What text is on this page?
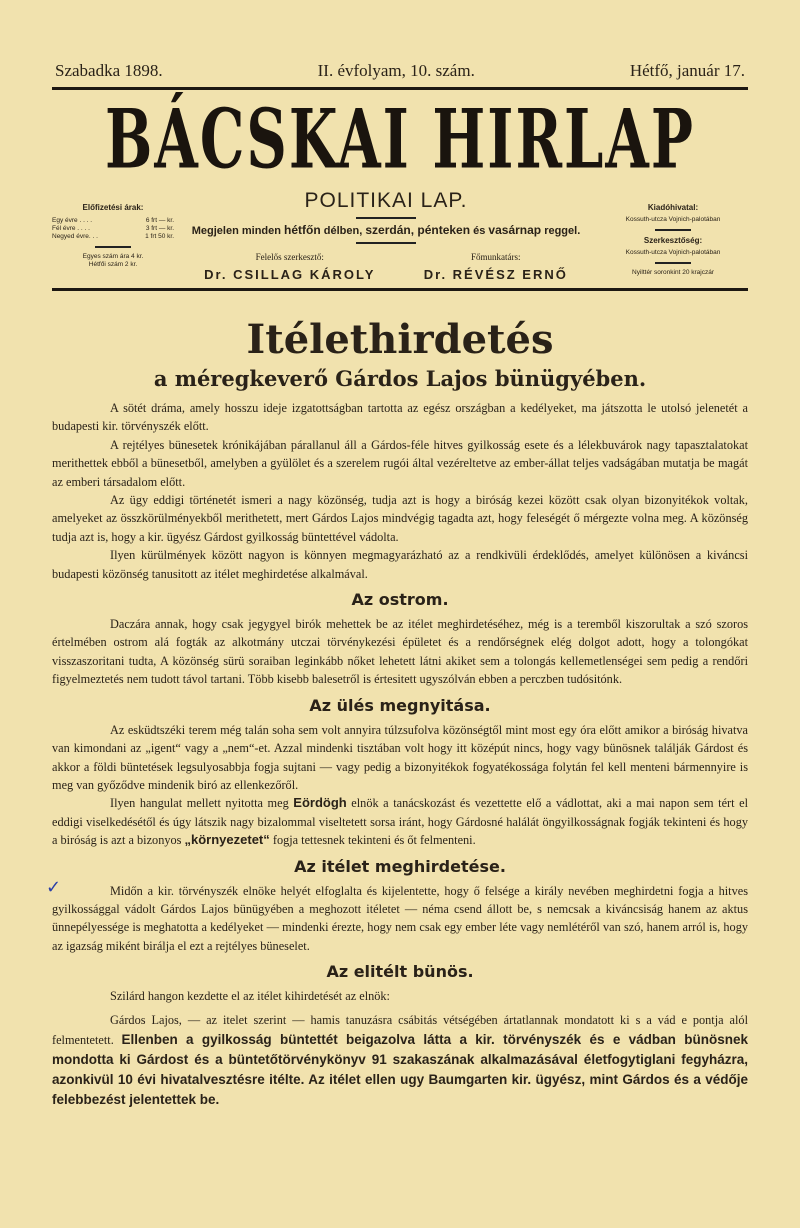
Szabadka 1898.	II. évfolyam, 10. szám.	Hétfő, január 17.
BÁCSKAI HIRLAP
Előfizetési árak:
Egy évre . . . .	6 frt — kr.
Fél évre . . . .	3 frt — kr.
Negyed évre. . .	1 frt 50 kr.
Egyes szám ára 4 kr.
Hétfői szám 2 kr.
POLITIKAI LAP.
Megjelen minden hétfőn délben, szerdán, pénteken és vasárnap reggel.
Felelős szerkesztő:
Dr. CSILLAG KÁROLY
Főmunkatárs:
Dr. RÉVÉSZ ERNŐ
Kiadóhivatal:
Kossuth-utcza Vojnich-palotában
Szerkesztőség:
Kossuth-utcza Vojnich-palotában
Nyilttér soronkint 20 krajczár
Itélethirdetés
a méregkeverő Gárdos Lajos bünügyében.

A sötét dráma, amely hosszu ideje izgatottságban tartotta az egész országban a kedélyeket, ma játszotta le utolsó jelenetét a budapesti kir. törvényszék előtt.

A rejtélyes bünesetek krónikájában párallanul áll a Gárdos-féle hitves gyilkosság esete és a lélekbuvárok nagy tapasztalatokat merithettek ebből a bünesetből, amelyben a gyülölet és a szerelem rugói által vezéreltetve az ember-állat teljes vadságában mutatja be magát az emberi társadalom előtt.

Az ügy eddigi történetét ismeri a nagy közönség, tudja azt is hogy a biróság kezei között csak olyan bizonyitékok voltak, amelyeket az összkörülményekből merithetett, mert Gárdos Lajos mindvégig tagadta azt, hogy feleségét ő mérgezte volna meg. A közönség tudja azt is, hogy a kir. ügyész Gárdost gyilkosság büntettével vádolta.

Ilyen kürülmények között nagyon is könnyen megmagyarázható az a rendkivüli érdeklődés, amelyet különösen a kiváncsi budapesti közönség tanusitott az itélet meghirdetése alkalmával.

Az ostrom.

Daczára annak, hogy csak jegygyel birók mehettek be az itélet meghirdetéséhez, még is a teremből kiszorultak a szó szoros értelmében ostrom alá fogták az alkotmány utczai törvénykezési épületet és a rendőrségnek elég dolgot adott, hogy a tolongókat visszaszoritani tudta, A közönség sürü soraiban leginkább nőket lehetett látni akiket sem a tolongás kellemetlenségei sem pedig a rendőri figyelmeztetés nem tudott távol tartani. Több kisebb balesetről is értesitett ugyszólván ebben a perczben tudósitónk.

Az ülés megnyitása.

Az esküdtszéki terem még talán soha sem volt annyira túlzsufolva közönségtől mint most egy óra előtt amikor a biróság hivatva van kimondani az „igent“ vagy a „nem“-et. Azzal mindenki tisztában volt hogy itt középút nincs, hogy vagy bünösnek találják Gárdost és akkor a földi büntetések legsulyosabbja fogja sujtani — vagy pedig a bizonyitékok fogyatékossága folytán fel kell menteni bármennyire is meg van győződve mindenik biró az ellenkezőről.

Ilyen hangulat mellett nyitotta meg Eördögh elnök a tanácskozást és vezettette elő a vádlottat, aki a mai napon sem tért el eddigi viselkedésétől és úgy látszik nagy bizalommal viseltetett sorsa iránt, hogy Gárdosné halálát öngyilkosságnak fogják tekinteni és hogy a biróság is azt a bizonyos „környezetet“ fogja tettesnek tekinteni és őt felmenteni.

Az itélet meghirdetése.
✓	Midőn a kir. törvényszék elnöke helyét elfoglalta és kijelentette, hogy ő felsége a király nevében meghirdetni fogja a hitves gyilkossággal vádolt Gárdos Lajos bünügyében a meghozott itéletet — néma csend állott be, s nemcsak a kiváncsiság hanem az aktus ünnepélyessége is meghatotta a kedélyeket — mindenki érezte, hogy nem csak egy ember léte vagy nemlétéről van szó, hanem arról is, hogy az igazság miként birálja el ezt a rejtélyes büneselet.

Az elitélt bünös.

Szilárd hangon kezdette el az itélet kihirdetését az elnök:

Gárdos Lajos, — az itelet szerint — hamis tanuzásra csábitás vétségében ártatlannak mondatott ki s a vád e pontja alól felmentetett. Ellenben a gyilkosság büntettét beigazolva látta a kir. törvényszék és e vádban bünösnek mondotta ki Gárdost és a büntetőtörvénykönyv 91 szakaszának alkalmazásával életfogytiglani fegyházra, azonkivül 10 évi hivatalvesztésre itélte. Az itélet ellen ugy Baumgarten kir. ügyész, mint Gárdos és a védője felebbezést jelentettek be.
